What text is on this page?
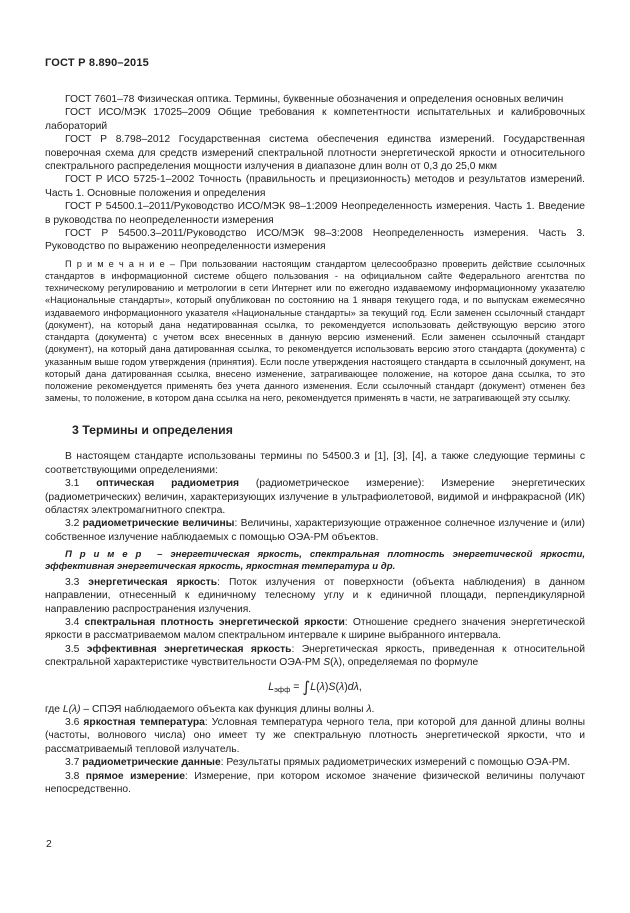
ГОСТ Р 8.890–2015

ГОСТ 7601–78 Физическая оптика. Термины, буквенные обозначения и определения основных величин

ГОСТ ИСО/МЭК 17025–2009 Общие требования к компетентности испытательных и калибровочных лабораторий

ГОСТ Р 8.798–2012 Государственная система обеспечения единства измерений. Государственная поверочная схема для средств измерений спектральной плотности энергетической яркости и относительного спектрального распределения мощности излучения в диапазоне длин волн от 0,3 до 25,0 мкм

ГОСТ Р ИСО 5725-1–2002 Точность (правильность и прецизионность) методов и результатов измерений. Часть 1. Основные положения и определения

ГОСТ Р 54500.1–2011/Руководство ИСО/МЭК 98–1:2009 Неопределенность измерения. Часть 1. Введение в руководства по неопределенности измерения

ГОСТ Р 54500.3–2011/Руководство ИСО/МЭК 98–3:2008 Неопределенность измерения. Часть 3. Руководство по выражению неопределенности измерения

П р и м е ч а н и е – При пользовании настоящим стандартом целесообразно проверить действие ссылочных стандартов в информационной системе общего пользования - на официальном сайте Федерального агентства по техническому регулированию и метрологии в сети Интернет или по ежегодно издаваемому информационному указателю «Национальные стандарты», который опубликован по состоянию на 1 января текущего года, и по выпускам ежемесячно издаваемого информационного указателя «Национальные стандарты» за текущий год. Если заменен ссылочный стандарт (документ), на который дана недатированная ссылка, то рекомендуется использовать действующую версию этого стандарта (документа) с учетом всех внесенных в данную версию изменений. Если заменен ссылочный стандарт (документ), на который дана датированная ссылка, то рекомендуется использовать версию этого стандарта (документа) с указанным выше годом утверждения (принятия). Если после утверждения настоящего стандарта в ссылочный документ, на который дана датированная ссылка, внесено изменение, затрагивающее положение, на которое дана ссылка, то это положение рекомендуется применять без учета данного изменения. Если ссылочный стандарт (документ) отменен без замены, то положение, в котором дана ссылка на него, рекомендуется применять в части, не затрагивающей эту ссылку.

3 Термины и определения

В настоящем стандарте использованы термины по 54500.3 и [1], [3], [4], а также следующие термины с соответствующими определениями:

3.1 оптическая радиометрия (радиометрическое измерение): Измерение энергетических (радиометрических) величин, характеризующих излучение в ультрафиолетовой, видимой и инфракрасной (ИК) областях электромагнитного спектра.

3.2 радиометрические величины: Величины, характеризующие отраженное солнечное излучение и (или) собственное излучение наблюдаемых с помощью ОЭА-РМ объектов.

П р и м е р  – энергетическая яркость, спектральная плотность энергетической яркости, эффективная энергетическая яркость, яркостная температура и др.

3.3 энергетическая яркость: Поток излучения от поверхности (объекта наблюдения) в данном направлении, отнесенный к единичному телесному углу и к единичной площади, перпендикулярной направлению распространения излучения.

3.4 спектральная плотность энергетической яркости: Отношение среднего значения энергетической яркости в рассматриваемом малом спектральном интервале к ширине выбранного интервала.

3.5 эффективная энергетическая яркость: Энергетическая яркость, приведенная к относительной спектральной характеристике чувствительности ОЭА-РМ S(λ), определяемая по формуле

$L_{эфф} = \int L(\lambda)S(\lambda)d\lambda$,

где L(λ) – СПЭЯ наблюдаемого объекта как функция длины волны λ.

3.6 яркостная температура: Условная температура черного тела, при которой для данной длины волны (частоты, волнового числа) оно имеет ту же спектральную плотность энергетической яркости, что и рассматриваемый тепловой излучатель.

3.7 радиометрические данные: Результаты прямых радиометрических измерений с помощью ОЭА-РМ.

3.8 прямое измерение: Измерение, при котором искомое значение физической величины получают непосредственно.

2
